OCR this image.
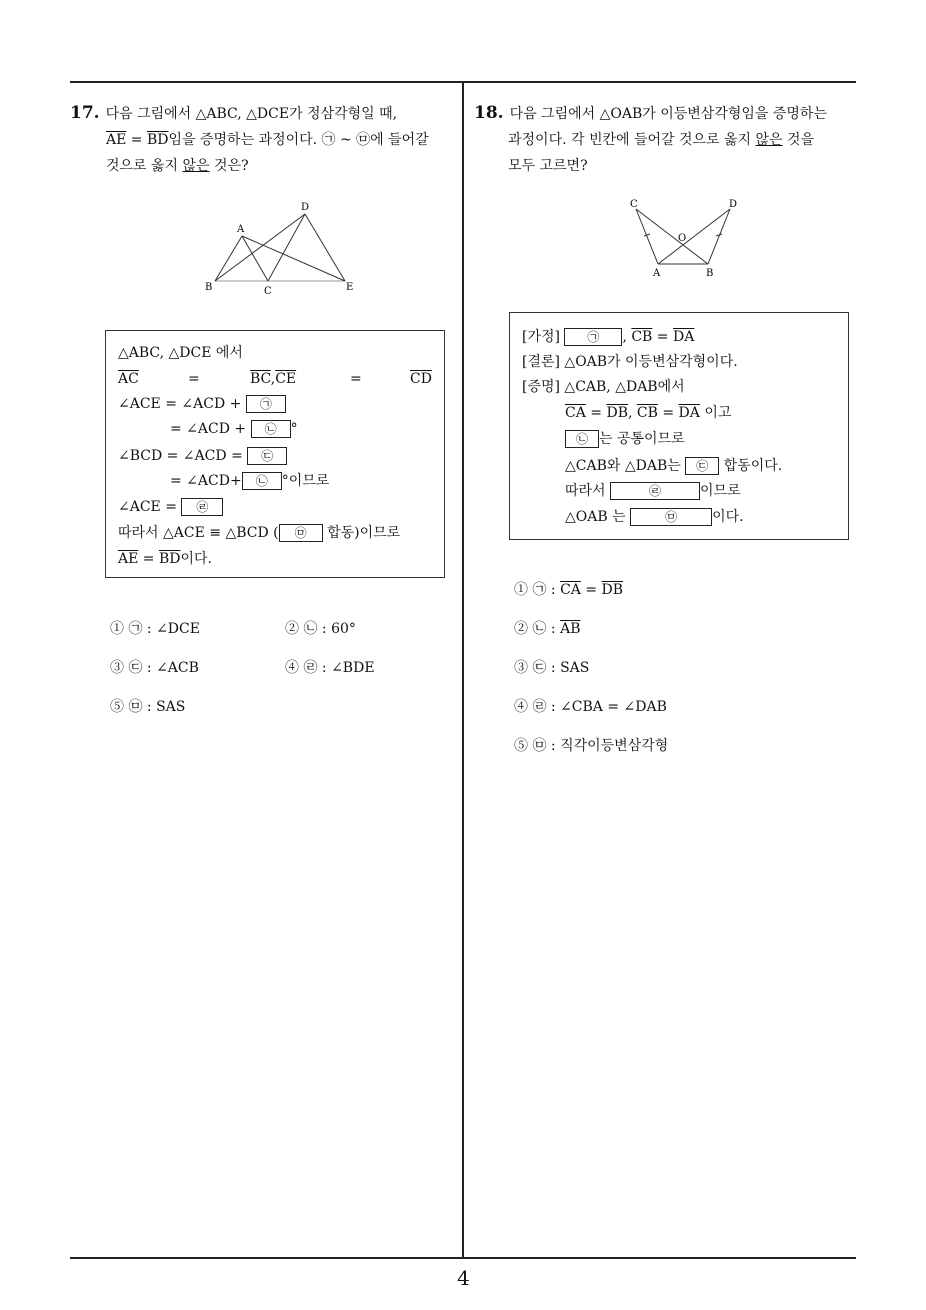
17. 다음 그림에서 △ABC, △DCE가 정삼각형일 때,
$\overline{AE} = \overline{BD}$임을 증명하는 과정이다. ㉠ ~ ㉤에 들어갈
것으로 옳지 않은 것은?
A
B	C
D
E
△ABC, △DCE 에서
$\overline{AC}$	=	$\overline{BC},\overline{CE}$	=	$\overline{CD}$
∠ACE = ∠ACD + ㉠
= ∠ACD + ㉡ °
∠BCD = ∠ACD = ㉢
= ∠ACD+ ㉡ °이므로
∠ACE = ㉣
따라서 △ACE ≡ △BCD ( ㉤ 합동)이므로
$\overline{AE} = \overline{BD}$이다.
① ㉠ : ∠DCE	② ㉡ : 60°
③ ㉢ : ∠ACB	④ ㉣ : ∠BDE
⑤ ㉤ : SAS
18. 다음 그림에서 △OAB가 이등변삼각형임을 증명하는
과정이다. 각 빈칸에 들어갈 것으로 옳지 않은 것을
모두 고르면?
C	D
O
A	B
[가정] ㉠ , $\overline{CB} = \overline{DA}$
[결론] △OAB가 이등변삼각형이다.
[증명] △CAB, △DAB에서
$\overline{CA} = \overline{DB}$, $\overline{CB} = \overline{DA}$ 이고
㉡ 는 공통이므로
△CAB와 △DAB는 ㉢ 합동이다.
따라서	㉣	이므로
△OAB 는	㉤	이다.
① ㉠ : $\overline{CA} = \overline{DB}$
② ㉡ : $\overline{AB}$
③ ㉢ : SAS
④ ㉣ : ∠CBA = ∠DAB
⑤ ㉤ : 직각이등변삼각형
4
